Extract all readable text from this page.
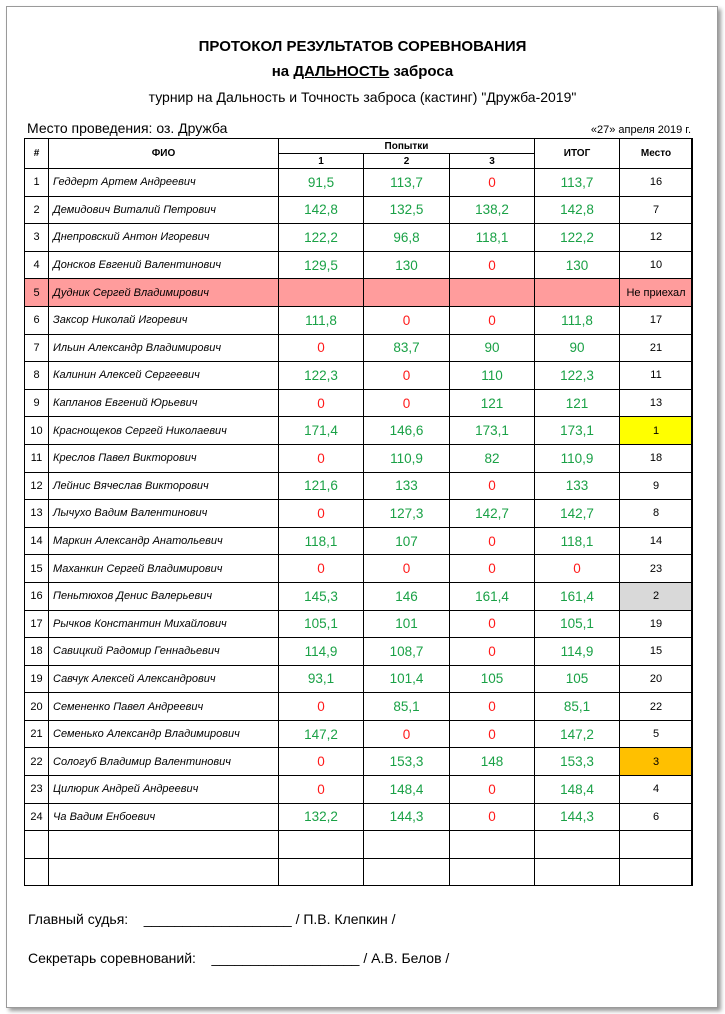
ПРОТОКОЛ РЕЗУЛЬТАТОВ СОРЕВНОВАНИЯ
на ДАЛЬНОСТЬ заброса
турнир на Дальность и Точность заброса (кастинг) "Дружба-2019"
Место проведения: оз. Дружба	«27» апреля 2019 г.
#	ФИО	Попытки			ИТОГ	Место
		1	2	3		
1	Геддерт Артем Андреевич	91,5	113,7	0	113,7	16
2	Демидович Виталий Петрович	142,8	132,5	138,2	142,8	7
3	Днепровский Антон Игоревич	122,2	96,8	118,1	122,2	12
4	Донсков Евгений Валентинович	129,5	130	0	130	10
5	Дудник Сергей Владимирович					Не приехал
6	Заксор Николай Игоревич	111,8	0	0	111,8	17
7	Ильин Александр Владимирович	0	83,7	90	90	21
8	Калинин Алексей Сергеевич	122,3	0	110	122,3	11
9	Капланов Евгений Юрьевич	0	0	121	121	13
10	Краснощеков Сергей Николаевич	171,4	146,6	173,1	173,1	1
11	Креслов Павел Викторович	0	110,9	82	110,9	18
12	Лейнис Вячеслав Викторович	121,6	133	0	133	9
13	Лычухо Вадим Валентинович	0	127,3	142,7	142,7	8
14	Маркин Александр Анатольевич	118,1	107	0	118,1	14
15	Маханкин Сергей Владимирович	0	0	0	0	23
16	Пеньтюхов Денис Валерьевич	145,3	146	161,4	161,4	2
17	Рычков Константин Михайлович	105,1	101	0	105,1	19
18	Савицкий Радомир Геннадьевич	114,9	108,7	0	114,9	15
19	Савчук Алексей Александрович	93,1	101,4	105	105	20
20	Семененко Павел Андреевич	0	85,1	0	85,1	22
21	Семенько Александр Владимирович	147,2	0	0	147,2	5
22	Сологуб Владимир Валентинович	0	153,3	148	153,3	3
23	Цилюрик Андрей Андреевич	0	148,4	0	148,4	4
24	Ча Вадим Енбоевич	132,2	144,3	0	144,3	6

Главный судья: ___________________ / П.В. Клепкин /
Секретарь соревнований: ___________________ / А.В. Белов /
